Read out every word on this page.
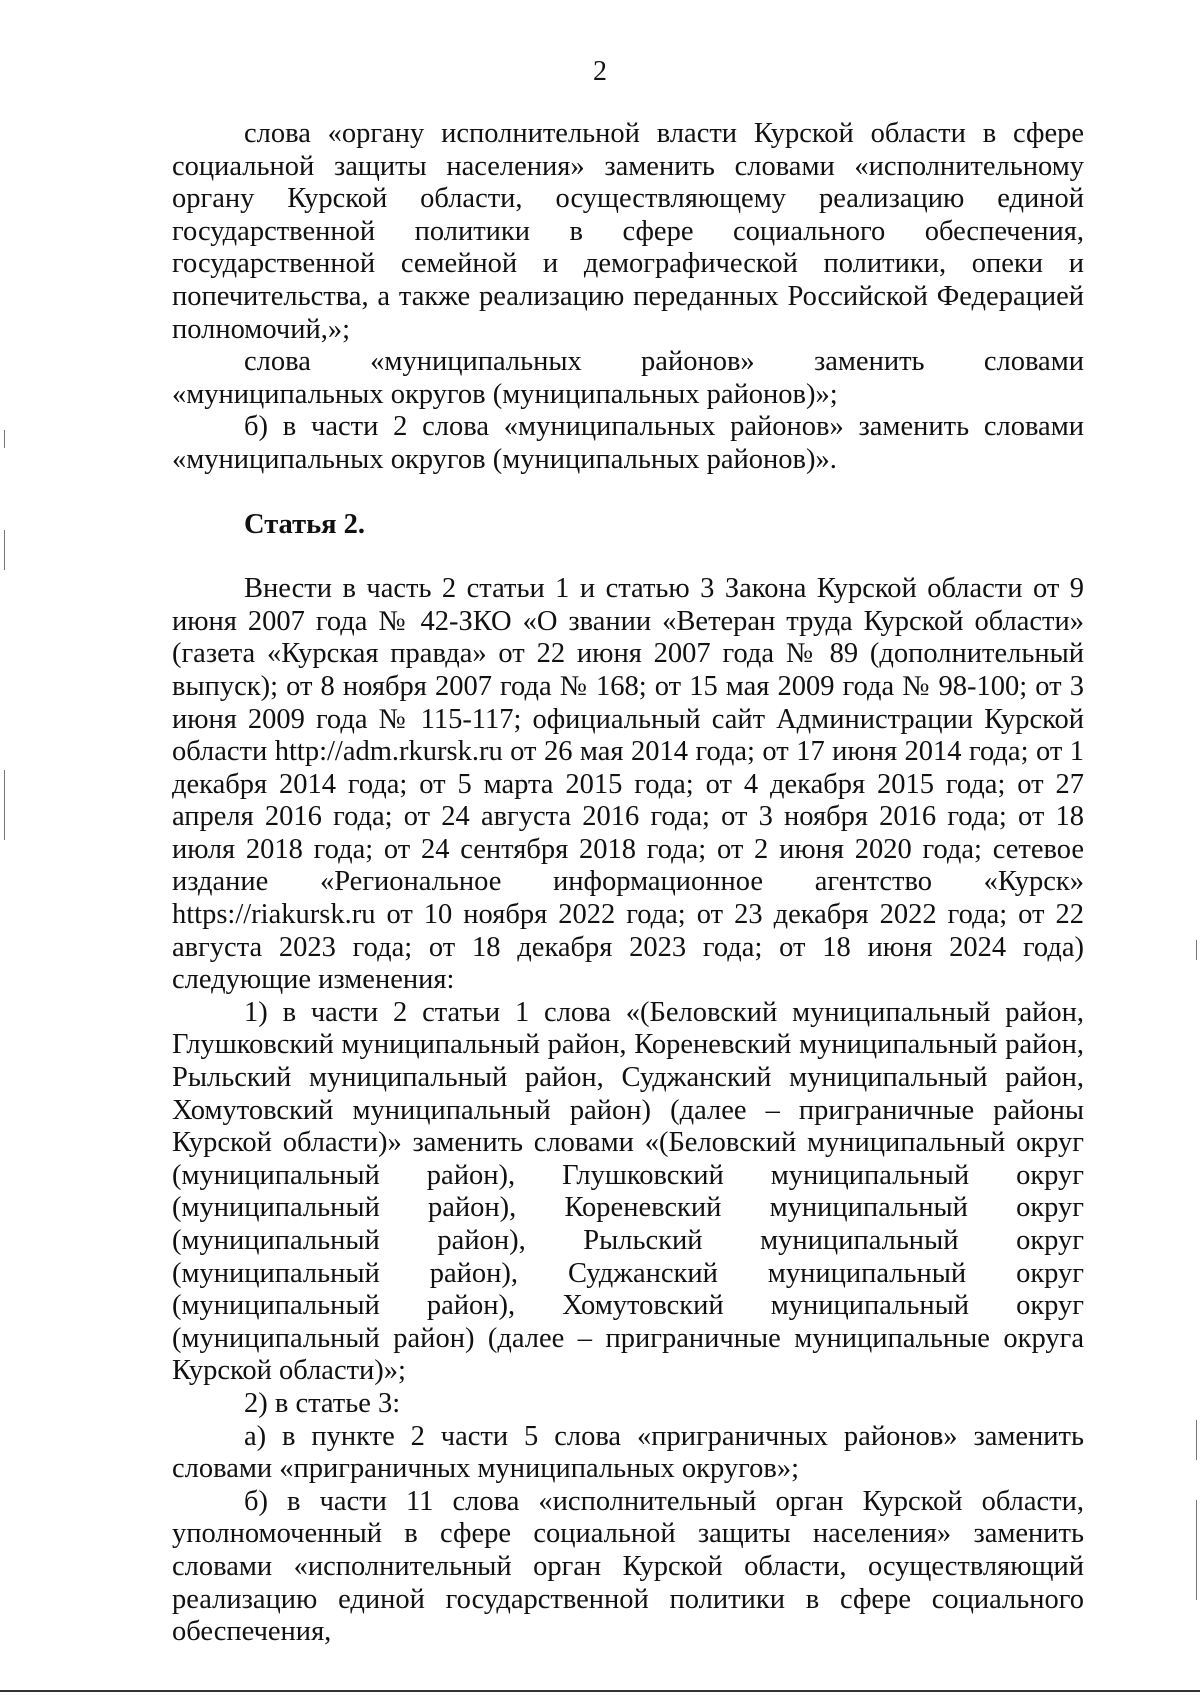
2

слова «органу исполнительной власти Курской области в сфере социальной защиты населения» заменить словами «исполнительному органу Курской области, осуществляющему реализацию единой государственной политики в сфере социального обеспечения, государственной семейной и демографической политики, опеки и попечительства, а также реализацию переданных Российской Федерацией полномочий,»;

слова «муниципальных районов» заменить словами «муниципальных округов (муниципальных районов)»;

б) в части 2 слова «муниципальных районов» заменить словами «муниципальных округов (муниципальных районов)».

Статья 2.

Внести в часть 2 статьи 1 и статью 3 Закона Курской области от 9 июня 2007 года № 42-ЗКО «О звании «Ветеран труда Курской области» (газета «Курская правда» от 22 июня 2007 года № 89 (дополнительный выпуск); от 8 ноября 2007 года № 168; от 15 мая 2009 года № 98-100; от 3 июня 2009 года № 115-117; официальный сайт Администрации Курской области http://adm.rkursk.ru от 26 мая 2014 года; от 17 июня 2014 года; от 1 декабря 2014 года; от 5 марта 2015 года; от 4 декабря 2015 года; от 27 апреля 2016 года; от 24 августа 2016 года; от 3 ноября 2016 года; от 18 июля 2018 года; от 24 сентября 2018 года; от 2 июня 2020 года; сетевое издание «Региональное информационное агентство «Курск» https://riakursk.ru от 10 ноября 2022 года; от 23 декабря 2022 года; от 22 августа 2023 года; от 18 декабря 2023 года; от 18 июня 2024 года) следующие изменения:

1) в части 2 статьи 1 слова «(Беловский муниципальный район, Глушковский муниципальный район, Кореневский муниципальный район, Рыльский муниципальный район, Суджанский муниципальный район, Хомутовский муниципальный район) (далее – приграничные районы Курской области)» заменить словами «(Беловский муниципальный округ (муниципальный район), Глушковский муниципальный округ (муниципальный район), Кореневский муниципальный округ (муниципальный район), Рыльский муниципальный округ (муниципальный район), Суджанский муниципальный округ (муниципальный район), Хомутовский муниципальный округ (муниципальный район) (далее – приграничные муниципальные округа Курской области)»;

2) в статье 3:

а) в пункте 2 части 5 слова «приграничных районов» заменить словами «приграничных муниципальных округов»;

б) в части 11 слова «исполнительный орган Курской области, уполномоченный в сфере социальной защиты населения» заменить словами «исполнительный орган Курской области, осуществляющий реализацию единой государственной политики в сфере социального обеспечения,
